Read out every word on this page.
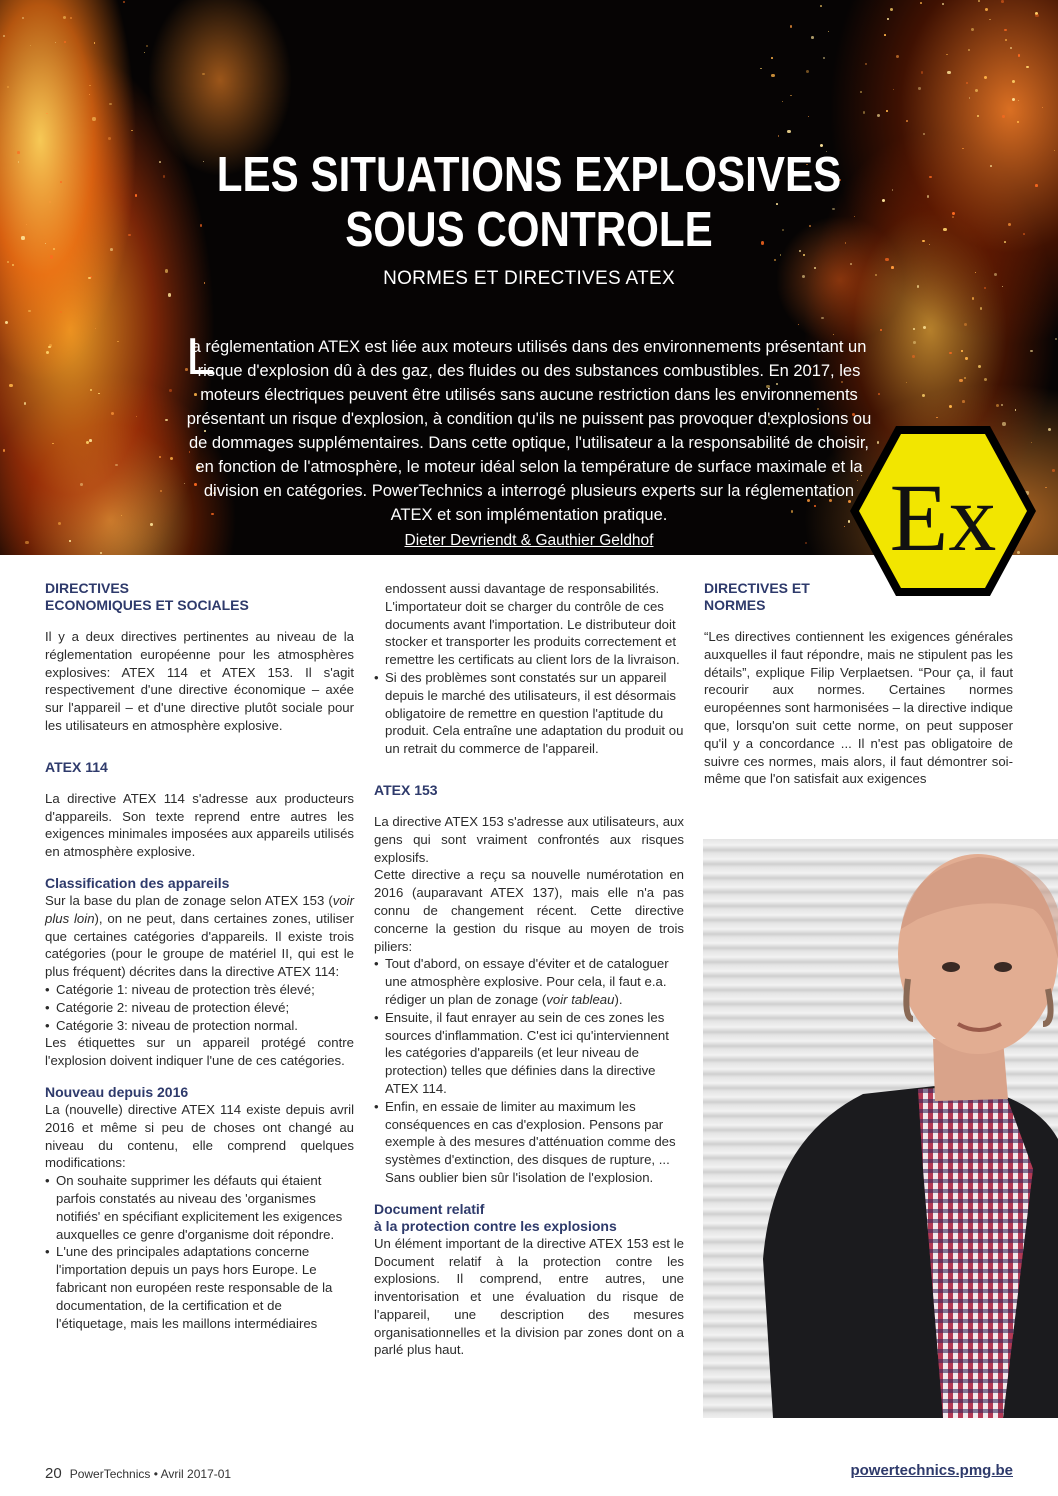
LES SITUATIONS EXPLOSIVES
SOUS CONTROLE
NORMES ET DIRECTIVES ATEX
L

a réglementation ATEX est liée aux moteurs utilisés dans des environnements présentant un risque d'explosion dû à des gaz, des fluides ou des substances combustibles. En 2017, les moteurs électriques peuvent être utilisés sans aucune restriction dans les environnements présentant un risque d'explosion, à condition qu'ils ne puissent pas provoquer d'explosions ou de dommages supplémentaires. Dans cette optique, l'utilisateur a la responsabilité de choisir, en fonction de l'atmosphère, le moteur idéal selon la température de surface maximale et la division en catégories. PowerTechnics a interrogé plusieurs experts sur la réglementation ATEX et son implémentation pratique.

Dieter Devriendt & Gauthier Geldhof	Ex
DIRECTIVES
ECONOMIQUES ET SOCIALES

Il y a deux directives pertinentes au niveau de la réglementation européenne pour les atmosphères explosives: ATEX 114 et ATEX 153. Il s'agit respectivement d'une directive économique – axée sur l'appareil – et d'une directive plutôt sociale pour les utilisateurs en atmosphère explosive.

ATEX 114

La directive ATEX 114 s'adresse aux producteurs d'appareils. Son texte reprend entre autres les exigences minimales imposées aux appareils utilisés en atmosphère explosive.

Classification des appareils

Sur la base du plan de zonage selon ATEX 153 (voir plus loin), on ne peut, dans certaines zones, utiliser que certaines catégories d'appareils. Il existe trois catégories (pour le groupe de matériel II, qui est le plus fréquent) décrites dans la directive ATEX 114:

• Catégorie 1: niveau de protection très élevé;
• Catégorie 2: niveau de protection élevé;
• Catégorie 3: niveau de protection normal.

Les étiquettes sur un appareil protégé contre l'explosion doivent indiquer l'une de ces catégories.

Nouveau depuis 2016

La (nouvelle) directive ATEX 114 existe depuis avril 2016 et même si peu de choses ont changé au niveau du contenu, elle comprend quelques modifications:

• On souhaite supprimer les défauts qui étaient parfois constatés au niveau des 'organismes notifiés' en spécifiant explicitement les exigences auxquelles ce genre d'organisme doit répondre.
• L'une des principales adaptations concerne l'importation depuis un pays hors Europe. Le fabricant non européen reste responsable de la documentation, de la certification et de l'étiquetage, mais les maillons intermédiaires

endossent aussi davantage de responsabilités. L'importateur doit se charger du contrôle de ces documents avant l'importation. Le distributeur doit stocker et transporter les produits correctement et remettre les certificats au client lors de la livraison.

• Si des problèmes sont constatés sur un appareil depuis le marché des utilisateurs, il est désormais obligatoire de remettre en question l'aptitude du produit. Cela entraîne une adaptation du produit ou un retrait du commerce de l'appareil.
ATEX 153

La directive ATEX 153 s'adresse aux utilisateurs, aux gens qui sont vraiment confrontés aux risques explosifs.

Cette directive a reçu sa nouvelle numérotation en 2016 (auparavant ATEX 137), mais elle n'a pas connu de changement récent. Cette directive concerne la gestion du risque au moyen de trois piliers:

• Tout d'abord, on essaye d'éviter et de cataloguer une atmosphère explosive. Pour cela, il faut e.a. rédiger un plan de zonage (voir tableau).
• Ensuite, il faut enrayer au sein de ces zones les sources d'inflammation. C'est ici qu'interviennent les catégories d'appareils (et leur niveau de protection) telles que définies dans la directive ATEX 114.
• Enfin, en essaie de limiter au maximum les conséquences en cas d'explosion. Pensons par exemple à des mesures d'atténuation comme des systèmes d'extinction, des disques de rupture, ... Sans oublier bien sûr l'isolation de l'explosion.
Document relatif
à la protection contre les explosions

Un élément important de la directive ATEX 153 est le Document relatif à la protection contre les explosions. Il comprend, entre autres, une inventorisation et une évaluation du risque de l'appareil, une description des mesures organisationnelles et la division par zones dont on a parlé plus haut.

DIRECTIVES ET
NORMES

“Les directives contiennent les exigences générales auxquelles il faut répondre, mais ne stipulent pas les détails”, explique Filip Verplaetsen. “Pour ça, il faut recourir aux normes. Certaines normes européennes sont harmonisées – la directive indique que, lorsqu'on suit cette norme, on peut supposer qu'il y a concordance ... Il n'est pas obligatoire de suivre ces normes, mais alors, il faut démontrer soi-même que l'on satisfait aux exigences

20 PowerTechnics • Avril 2017-01	powertechnics.pmg.be
